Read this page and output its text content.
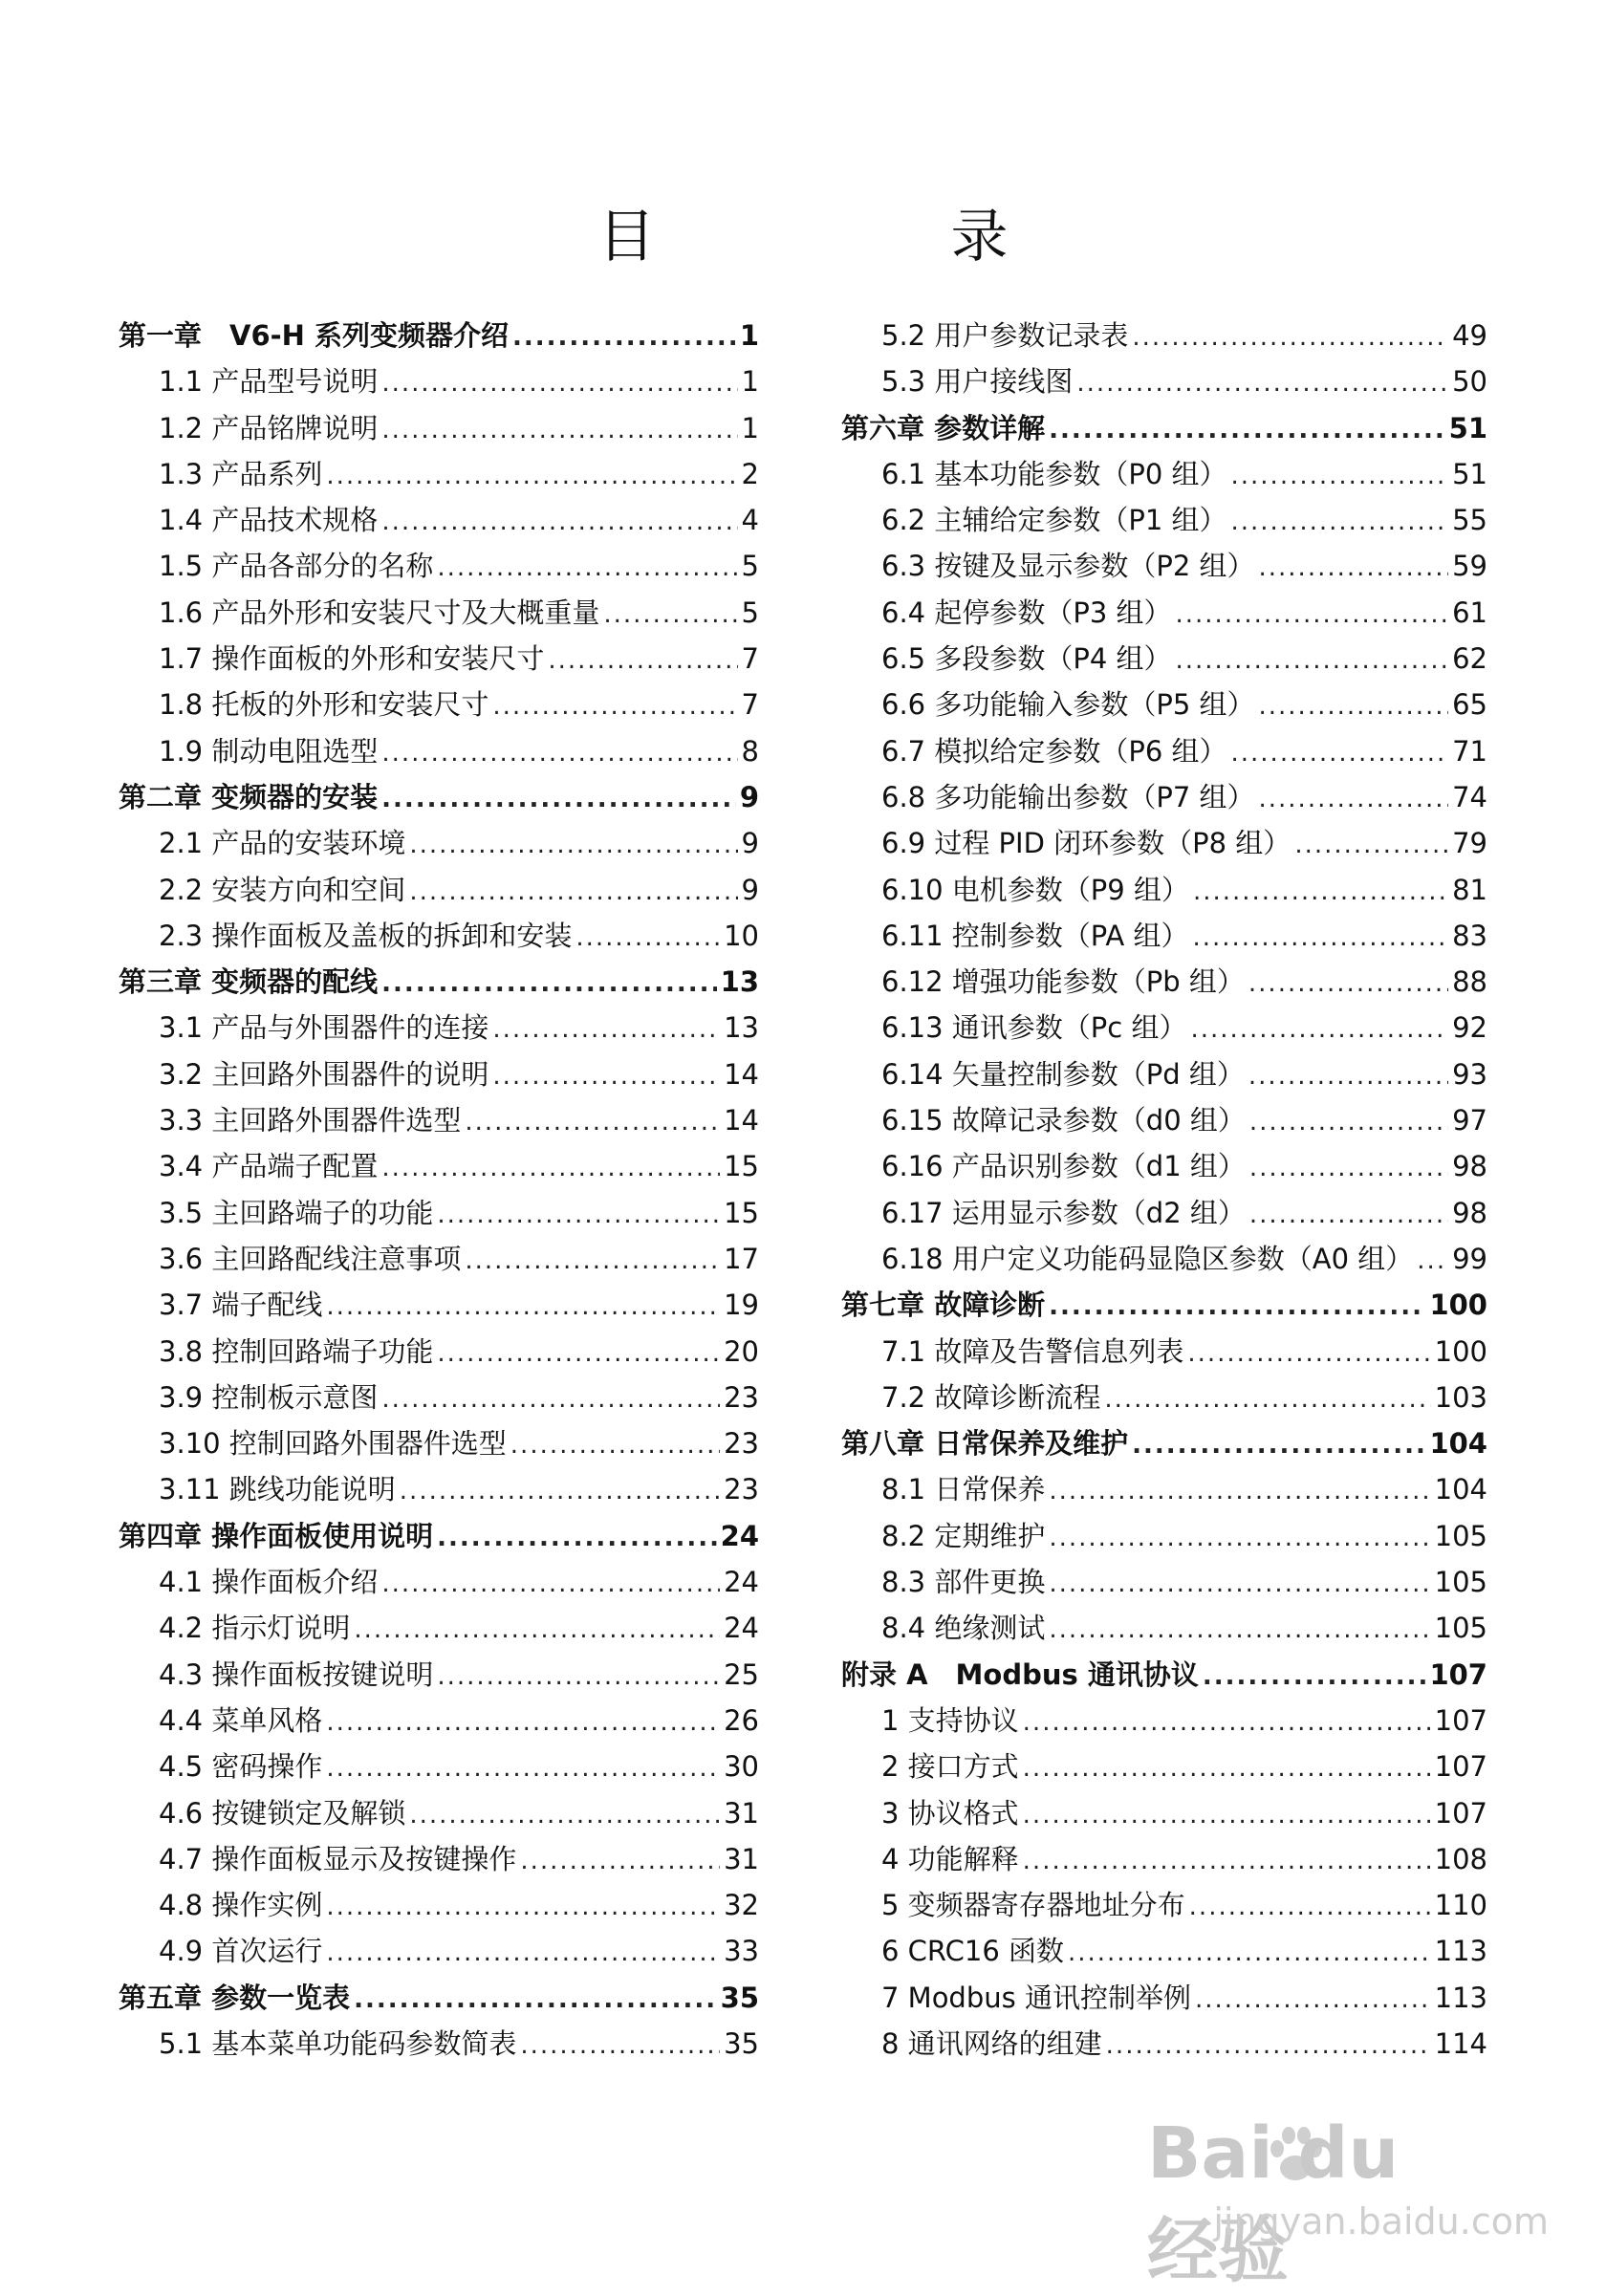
目 录
第一章　V6-H 系列变频器介绍 .....	1
1.1 产品型号说明 .....	1
1.2 产品铭牌说明 .....	1
1.3 产品系列 .....	2
1.4 产品技术规格 .....	4
1.5 产品各部分的名称 .....	5
1.6 产品外形和安装尺寸及大概重量 .....	5
1.7 操作面板的外形和安装尺寸 .....	7
1.8 托板的外形和安装尺寸 .....	7
1.9 制动电阻选型 .....	8
第二章 变频器的安装 .....	9
2.1 产品的安装环境 .....	9
2.2 安装方向和空间 .....	9
2.3 操作面板及盖板的拆卸和安装 .....	10
第三章 变频器的配线 .....	13
3.1 产品与外围器件的连接 .....	13
3.2 主回路外围器件的说明 .....	14
3.3 主回路外围器件选型 .....	14
3.4 产品端子配置 .....	15
3.5 主回路端子的功能 .....	15
3.6 主回路配线注意事项 .....	17
3.7 端子配线 .....	19
3.8 控制回路端子功能 .....	20
3.9 控制板示意图 .....	23
3.10 控制回路外围器件选型 .....	23
3.11 跳线功能说明 .....	23
第四章 操作面板使用说明 .....	24
4.1 操作面板介绍 .....	24
4.2 指示灯说明 .....	24
4.3 操作面板按键说明 .....	25
4.4 菜单风格 .....	26
4.5 密码操作 .....	30
4.6 按键锁定及解锁 .....	31
4.7 操作面板显示及按键操作 .....	31
4.8 操作实例 .....	32
4.9 首次运行 .....	33
第五章 参数一览表 .....	35
5.1 基本菜单功能码参数简表 .....	35
5.2 用户参数记录表 .....	49
5.3 用户接线图 .....	50
第六章 参数详解 .....	51
6.1 基本功能参数（P0 组） .....	51
6.2 主辅给定参数（P1 组） .....	55
6.3 按键及显示参数（P2 组） .....	59
6.4 起停参数（P3 组） .....	61
6.5 多段参数（P4 组） .....	62
6.6 多功能输入参数（P5 组） .....	65
6.7 模拟给定参数（P6 组） .....	71
6.8 多功能输出参数（P7 组） .....	74
6.9 过程 PID 闭环参数（P8 组） .....	79
6.10 电机参数（P9 组） .....	81
6.11 控制参数（PA 组） .....	83
6.12 增强功能参数（Pb 组） .....	88
6.13 通讯参数（Pc 组） .....	92
6.14 矢量控制参数（Pd 组） .....	93
6.15 故障记录参数（d0 组） .....	97
6.16 产品识别参数（d1 组） .....	98
6.17 运用显示参数（d2 组） .....	98
6.18 用户定义功能码显隐区参数（A0 组） ..... 99
第七章 故障诊断 .....	100
7.1 故障及告警信息列表 .....	100
7.2 故障诊断流程 .....	103
第八章 日常保养及维护 .....	104
8.1 日常保养 .....	104
8.2 定期维护 .....	105
8.3 部件更换 .....	105
8.4 绝缘测试 .....	105
附录 A　Modbus 通讯协议 .....	107
1 支持协议 .....	107
2 接口方式 .....	107
3 协议格式 .....	107
4 功能解释 .....	108
5 变频器寄存器地址分布 .....	110
6 CRC16 函数 .....	113
7 Modbus 通讯控制举例 .....	113
8 通讯网络的组建 .....	114
Bai du 经验
jingyan.baidu.com
